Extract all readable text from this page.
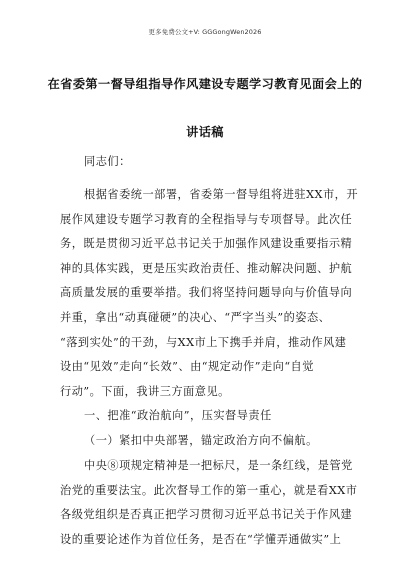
更多免费公文+V: GGGongWen2026
在省委第一督导组指导作风建设专题学习教育见面会上的
讲话稿
同志们：
根据省委统一部署，省委第一督导组将进驻XX市，开
展作风建设专题学习教育的全程指导与专项督导。此次任
务，既是贯彻习近平总书记关于加强作风建设重要指示精
神的具体实践，更是压实政治责任、推动解决问题、护航
高质量发展的重要举措。我们将坚持问题导向与价值导向
并重，拿出“动真碰硬”的决心、“严字当头”的姿态、
“落到实处”的干劲，与XX市上下携手并肩，推动作风建
设由“见效”走向“长效”、由“规定动作”走向“自觉
行动”。下面，我讲三方面意见。
一、把准“政治航向”，压实督导责任
（一）紧扣中央部署，锚定政治方向不偏航。
中央⑧项规定精神是一把标尺，是一条红线，是管党
治党的重要法宝。此次督导工作的第一重心，就是看XX市
各级党组织是否真正把学习贯彻习近平总书记关于作风建
设的重要论述作为首位任务，是否在“学懂弄通做实”上
